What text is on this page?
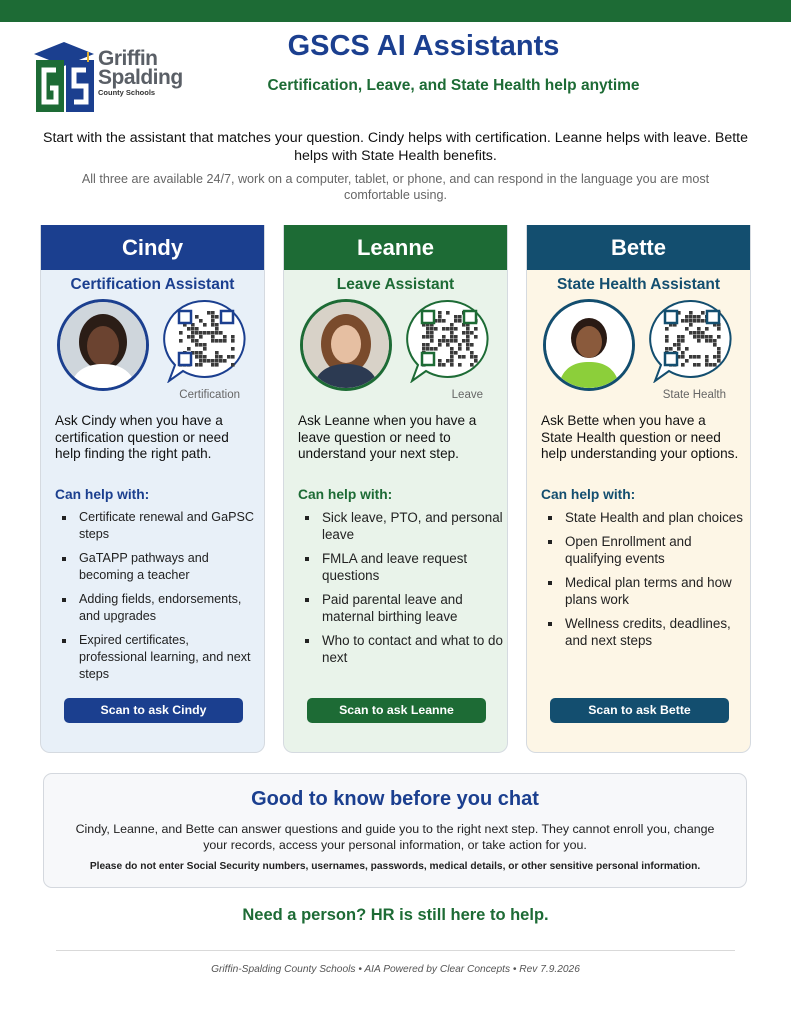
Griffin
Spalding
County Schools
GSCS AI Assistants
Certification, Leave, and State Health help anytime
Start with the assistant that matches your question. Cindy helps with certification. Leanne helps with leave. Bette helps with State Health benefits.
All three are available 24/7, work on a computer, tablet, or phone, and can respond in the language you are most comfortable using.
Cindy
Certification Assistant
Certification
Ask Cindy when you have a certification question or need help finding the right path.
Can help with:
Certificate renewal and GaPSC steps
GaTAPP pathways and becoming a teacher
Adding fields, endorsements, and upgrades
Expired certificates, professional learning, and next steps
Scan to ask Cindy
Leanne
Leave Assistant
Leave
Ask Leanne when you have a leave question or need to understand your next step.
Can help with:
Sick leave, PTO, and personal leave
FMLA and leave request questions
Paid parental leave and maternal birthing leave
Who to contact and what to do next
Scan to ask Leanne
Bette
State Health Assistant
State Health
Ask Bette when you have a State Health question or need help understanding your options.
Can help with:
State Health and plan choices
Open Enrollment and qualifying events
Medical plan terms and how plans work
Wellness credits, deadlines, and next steps
Scan to ask Bette
Good to know before you chat
Cindy, Leanne, and Bette can answer questions and guide you to the right next step. They cannot enroll you, change your records, access your personal information, or take action for you.
Please do not enter Social Security numbers, usernames, passwords, medical details, or other sensitive personal information.
Need a person? HR is still here to help.
Griffin-Spalding County Schools • AIA Powered by Clear Concepts • Rev 7.9.2026
